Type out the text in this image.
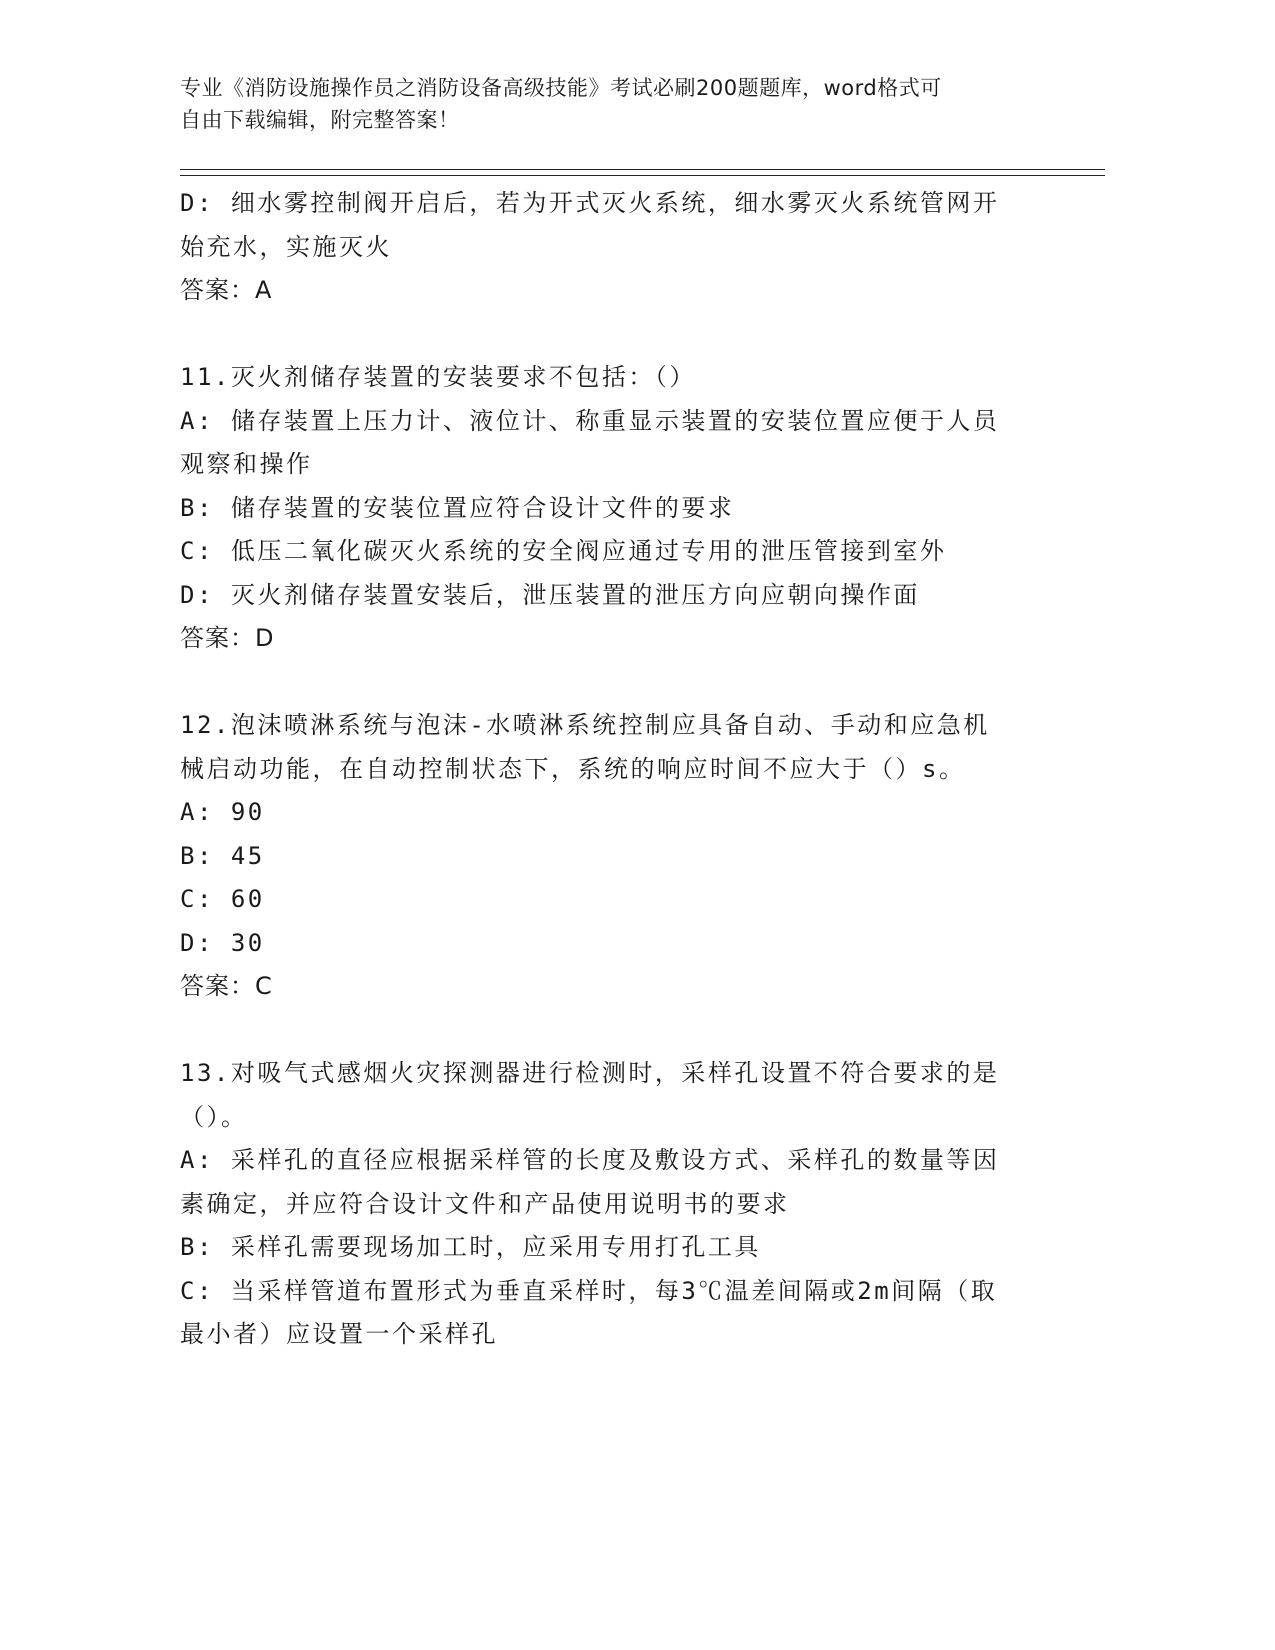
专业《消防设施操作员之消防设备高级技能》考试必刷200题题库，word格式可
自由下载编辑，附完整答案！
D: 细水雾控制阀开启后，若为开式灭火系统，细水雾灭火系统管网开
始充水，实施灭火
答案：A
11.灭火剂储存装置的安装要求不包括：（）
A: 储存装置上压力计、液位计、称重显示装置的安装位置应便于人员
观察和操作
B: 储存装置的安装位置应符合设计文件的要求
C: 低压二氧化碳灭火系统的安全阀应通过专用的泄压管接到室外
D: 灭火剂储存装置安装后，泄压装置的泄压方向应朝向操作面
答案：D
12.泡沫喷淋系统与泡沫-水喷淋系统控制应具备自动、手动和应急机
械启动功能，在自动控制状态下，系统的响应时间不应大于（）s。
A: 90
B: 45
C: 60
D: 30
答案：C
13.对吸气式感烟火灾探测器进行检测时，采样孔设置不符合要求的是
（）。
A: 采样孔的直径应根据采样管的长度及敷设方式、采样孔的数量等因
素确定，并应符合设计文件和产品使用说明书的要求
B: 采样孔需要现场加工时，应采用专用打孔工具
C: 当采样管道布置形式为垂直采样时，每3℃温差间隔或2m间隔（取
最小者）应设置一个采样孔
